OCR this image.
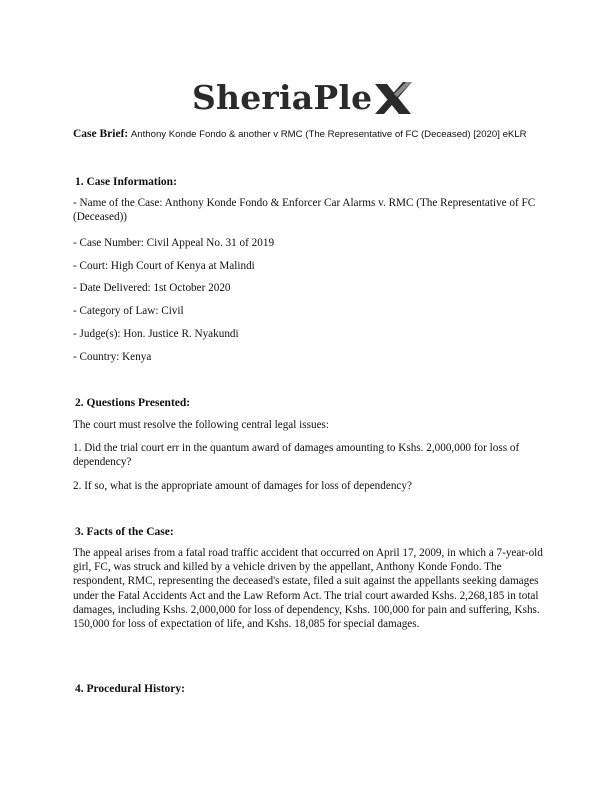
SheriaPle
Case Brief: Anthony Konde Fondo & another v RMC (The Representative of FC (Deceased) [2020] eKLR
1. Case Information:
- Name of the Case: Anthony Konde Fondo & Enforcer Car Alarms v. RMC (The Representative of FC (Deceased))
- Case Number: Civil Appeal No. 31 of 2019
- Court: High Court of Kenya at Malindi
- Date Delivered: 1st October 2020
- Category of Law: Civil
- Judge(s): Hon. Justice R. Nyakundi
- Country: Kenya
2. Questions Presented:
The court must resolve the following central legal issues:
1. Did the trial court err in the quantum award of damages amounting to Kshs. 2,000,000 for loss of dependency?
2. If so, what is the appropriate amount of damages for loss of dependency?
3. Facts of the Case:
The appeal arises from a fatal road traffic accident that occurred on April 17, 2009, in which a 7-year-old girl, FC, was struck and killed by a vehicle driven by the appellant, Anthony Konde Fondo. The respondent, RMC, representing the deceased's estate, filed a suit against the appellants seeking damages under the Fatal Accidents Act and the Law Reform Act. The trial court awarded Kshs. 2,268,185 in total damages, including Kshs. 2,000,000 for loss of dependency, Kshs. 100,000 for pain and suffering, Kshs. 150,000 for loss of expectation of life, and Kshs. 18,085 for special damages.
4. Procedural History:
